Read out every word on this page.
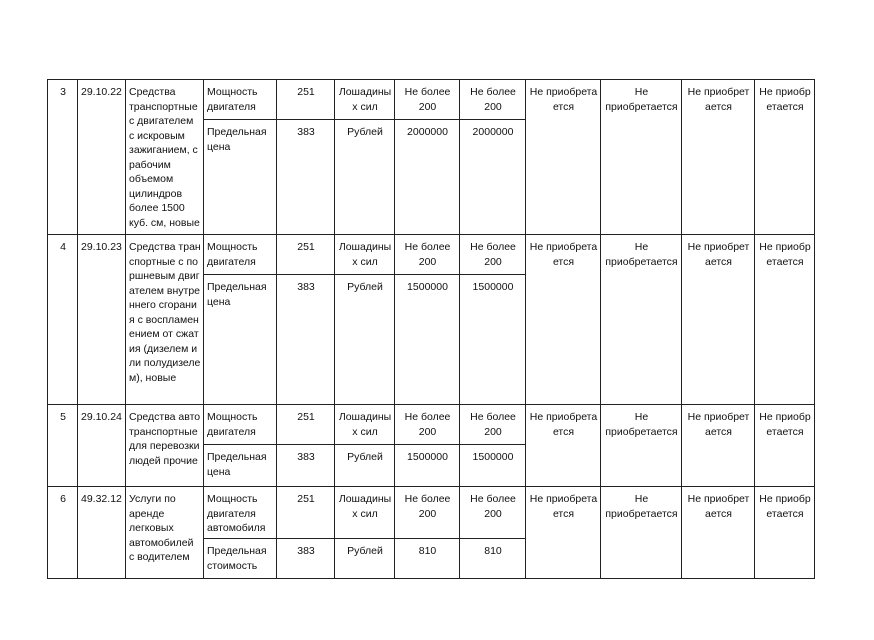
3	29.10.22	Средства транспортные с двигателем с искровым зажиганием, с рабочим объемом цилиндров более 1500 куб. см, новые	Мощность двигателя	251	Лошадиных сил	Не более 200	Не более 200	Не приобретается	Не приобретается	Не приобретается	Не приобретается
			Предельная цена	383	Рублей	2000000	2000000				
4	29.10.23	Средства транспортные с поршневым двигателем внутреннего сгорания с воспламенением от сжатия (дизелем или полудизелем), новые	Мощность двигателя	251	Лошадиных сил	Не более 200	Не более 200	Не приобретается	Не приобретается	Не приобретается	Не приобретается
			Предельная цена	383	Рублей	1500000	1500000				
5	29.10.24	Средства автотранспортные для перевозки людей прочие	Мощность двигателя	251	Лошадиных сил	Не более 200	Не более 200	Не приобретается	Не приобретается	Не приобретается	Не приобретается
			Предельная цена	383	Рублей	1500000	1500000				
6	49.32.12	Услуги по аренде легковых автомобилей с водителем	Мощность двигателя автомобиля	251	Лошадиных сил	Не более 200	Не более 200	Не приобретается	Не приобретается	Не приобретается	Не приобретается
			Предельная стоимость	383	Рублей	810	810				
